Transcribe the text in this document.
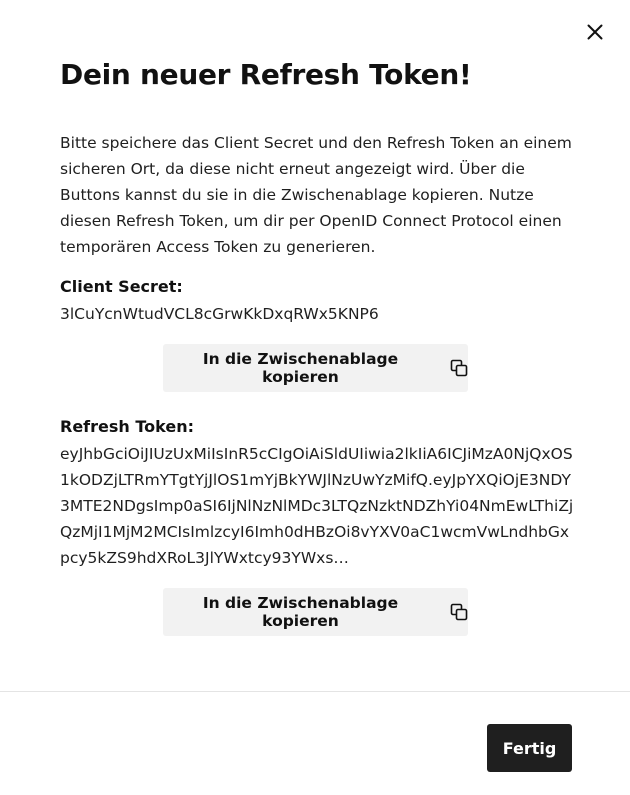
Dein neuer Refresh Token!

Bitte speichere das Client Secret und den Refresh Token an einem sicheren Ort, da diese nicht erneut angezeigt wird. Über die Buttons kannst du sie in die Zwischenablage kopieren. Nutze diesen Refresh Token, um dir per OpenID Connect Protocol einen temporären Access Token zu generieren.

Client Secret:
3lCuYcnWtudVCL8cGrwKkDxqRWx5KNP6
In die Zwischenablage kopieren
Refresh Token:
eyJhbGciOiJIUzUxMiIsInR5cCIgOiAiSldUIiwia2lkIiA6ICJiMzA0NjQxOS1kODZjLTRmYTgtYjJlOS1mYjBkYWJlNzUwYzMifQ.eyJpYXQiOjE3NDY3MTE2NDgsImp0aSI6IjNlNzNlMDc3LTQzNzktNDZhYi04NmEwLThiZjQzMjI1MjM2MCIsImlzcyI6Imh0dHBzOi8vYXV0aC1wcmVwLndhbGxpcy5kZS9hdXRoL3JlYWxtcy93YWxs…
In die Zwischenablage kopieren
Fertig
